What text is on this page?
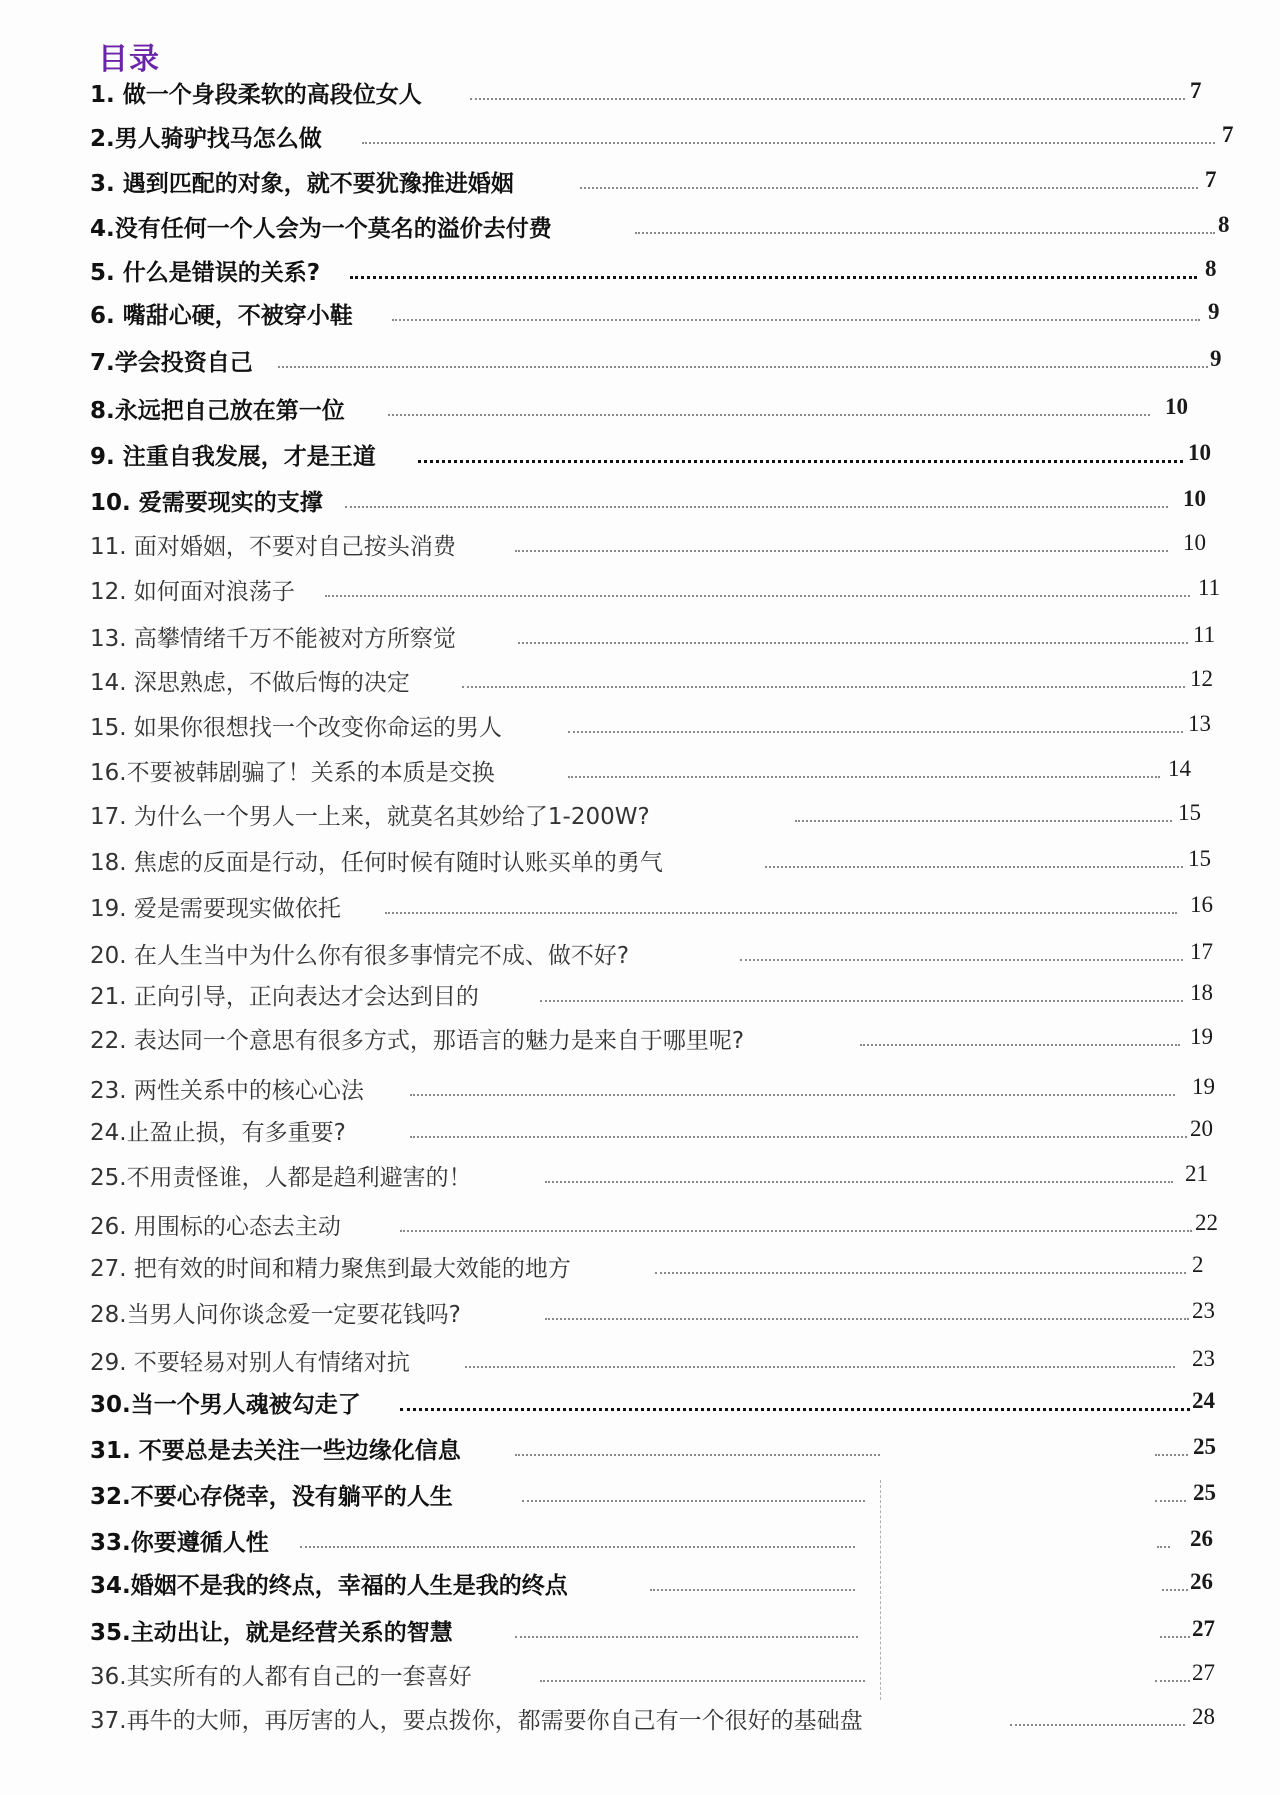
目录
1. 做一个身段柔软的高段位女人	7
2.男人骑驴找马怎么做	7
3. 遇到匹配的对象，就不要犹豫推进婚姻	7
4.没有任何一个人会为一个莫名的溢价去付费	8
5. 什么是错误的关系?	8
6. 嘴甜心硬，不被穿小鞋	9
7.学会投资自己	9
8.永远把自己放在第一位	10
9. 注重自我发展，才是王道	10
10. 爱需要现实的支撑	10
11. 面对婚姻，不要对自己按头消费	10
12. 如何面对浪荡子	11
13. 高攀情绪千万不能被对方所察觉	11
14. 深思熟虑，不做后悔的决定	12
15. 如果你很想找一个改变你命运的男人	13
16.不要被韩剧骗了！关系的本质是交换	14
17. 为什么一个男人一上来，就莫名其妙给了1-200W?	15
18. 焦虑的反面是行动，任何时候有随时认账买单的勇气	15
19. 爱是需要现实做依托	16
20. 在人生当中为什么你有很多事情完不成、做不好?	17
21. 正向引导，正向表达才会达到目的	18
22. 表达同一个意思有很多方式，那语言的魅力是来自于哪里呢?	19
23. 两性关系中的核心心法	19
24.止盈止损，有多重要?	20
25.不用责怪谁，人都是趋利避害的！	21
26. 用围标的心态去主动	22
27. 把有效的时间和精力聚焦到最大效能的地方	2
28.当男人问你谈念爱一定要花钱吗?	23
29. 不要轻易对别人有情绪对抗	23
30.当一个男人魂被勾走了	24
31. 不要总是去关注一些边缘化信息	25
32.不要心存侥幸，没有躺平的人生	25
33.你要遵循人性	26
34.婚姻不是我的终点，幸福的人生是我的终点	26
35.主动出让，就是经营关系的智慧	27
36.其实所有的人都有自己的一套喜好	27
37.再牛的大师，再厉害的人，要点拨你，都需要你自己有一个很好的基础盘	28
